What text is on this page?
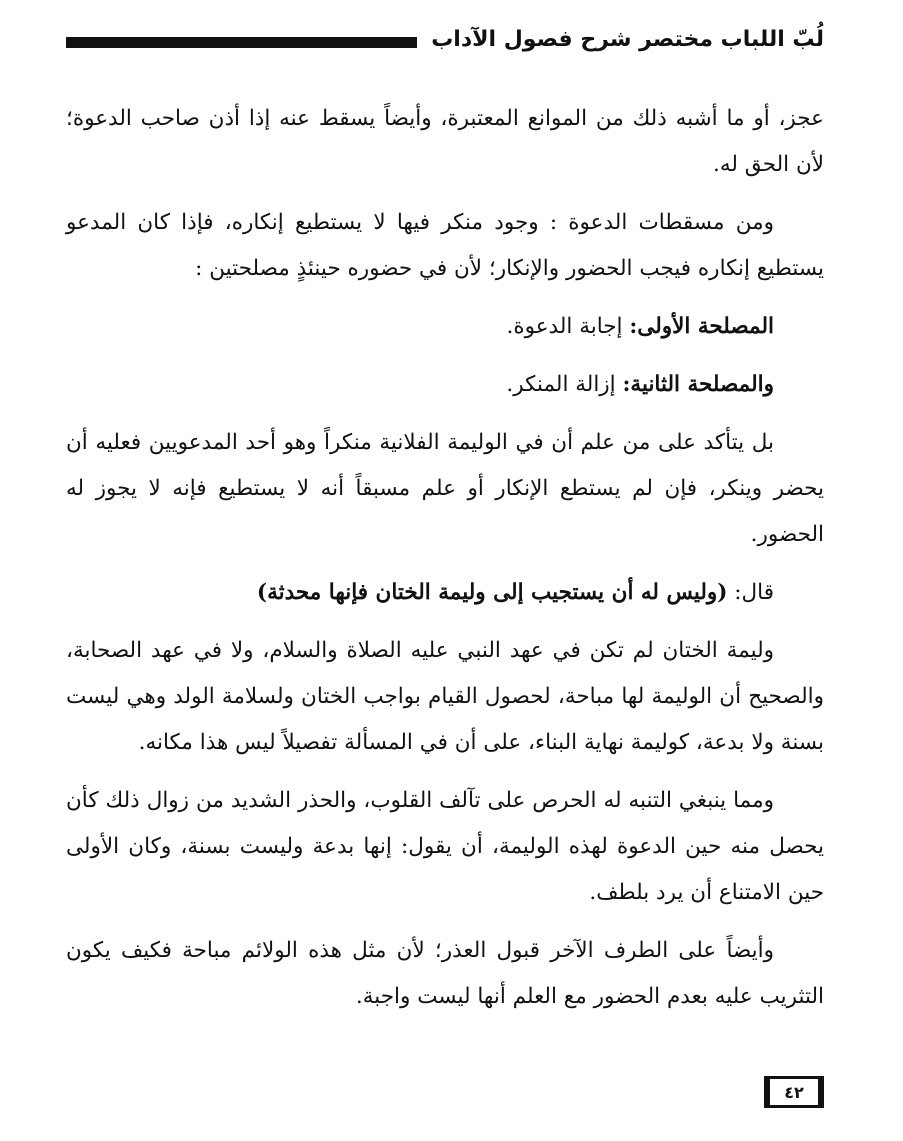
لُبّ اللباب مختصر شرح فصول الآداب

عجز، أو ما أشبه ذلك من الموانع المعتبرة، وأيضاً يسقط عنه إذا أذن صاحب الدعوة؛ لأن الحق له.

ومن مسقطات الدعوة : وجود منكر فيها لا يستطيع إنكاره، فإذا كان المدعو يستطيع إنكاره فيجب الحضور والإنكار؛ لأن في حضوره حينئذٍ مصلحتين :

المصلحة الأولى: إجابة الدعوة.

والمصلحة الثانية: إزالة المنكر.

بل يتأكد على من علم أن في الوليمة الفلانية منكراً وهو أحد المدعويين فعليه أن يحضر وينكر، فإن لم يستطع الإنكار أو علم مسبقاً أنه لا يستطيع فإنه لا يجوز له الحضور.

قال: (وليس له أن يستجيب إلى وليمة الختان فإنها محدثة)

وليمة الختان لم تكن في عهد النبي عليه الصلاة والسلام، ولا في عهد الصحابة، والصحيح أن الوليمة لها مباحة، لحصول القيام بواجب الختان ولسلامة الولد وهي ليست بسنة ولا بدعة، كوليمة نهاية البناء، على أن في المسألة تفصيلاً ليس هذا مكانه.

ومما ينبغي التنبه له الحرص على تآلف القلوب، والحذر الشديد من زوال ذلك كأن يحصل منه حين الدعوة لهذه الوليمة، أن يقول: إنها بدعة وليست بسنة، وكان الأولى حين الامتناع أن يرد بلطف.

وأيضاً على الطرف الآخر قبول العذر؛ لأن مثل هذه الولائم مباحة فكيف يكون التثريب عليه بعدم الحضور مع العلم أنها ليست واجبة.

٤٢
